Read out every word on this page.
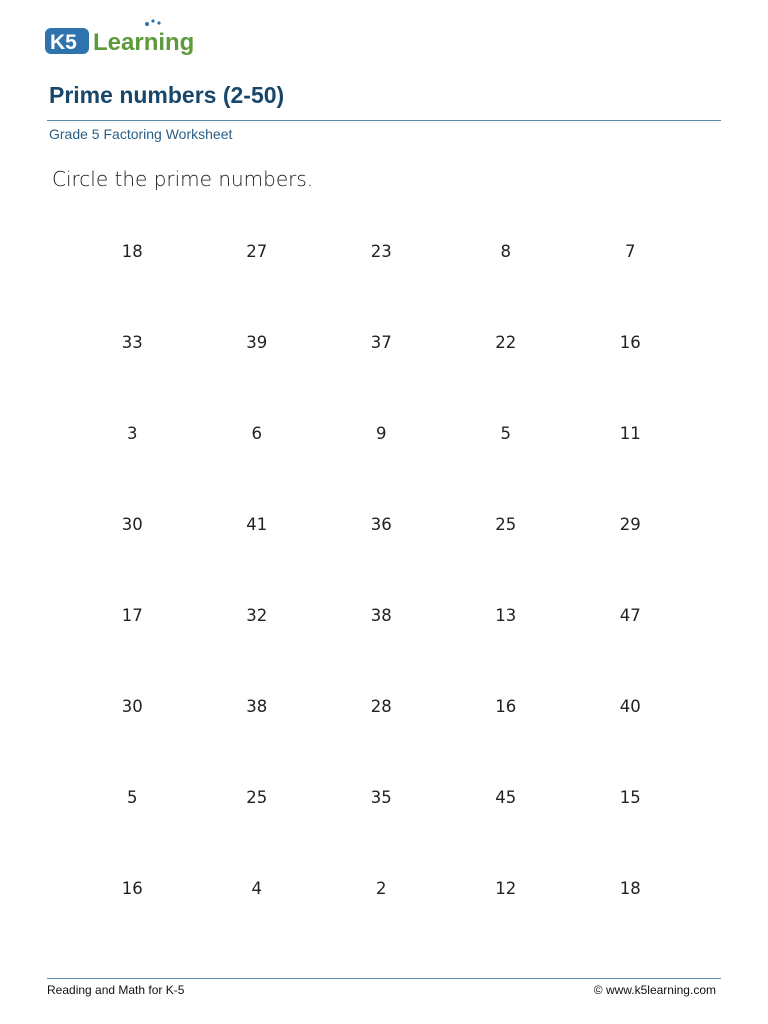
K5 Learning
Prime numbers (2-50)
Grade 5 Factoring Worksheet
Circle the prime numbers.
18	27	23	8	7
33	39	37	22	16
3	6	9	5	11
30	41	36	25	29
17	32	38	13	47
30	38	28	16	40
5	25	35	45	15
16	4	2	12	18
Reading and Math for K-5	© www.k5learning.com
